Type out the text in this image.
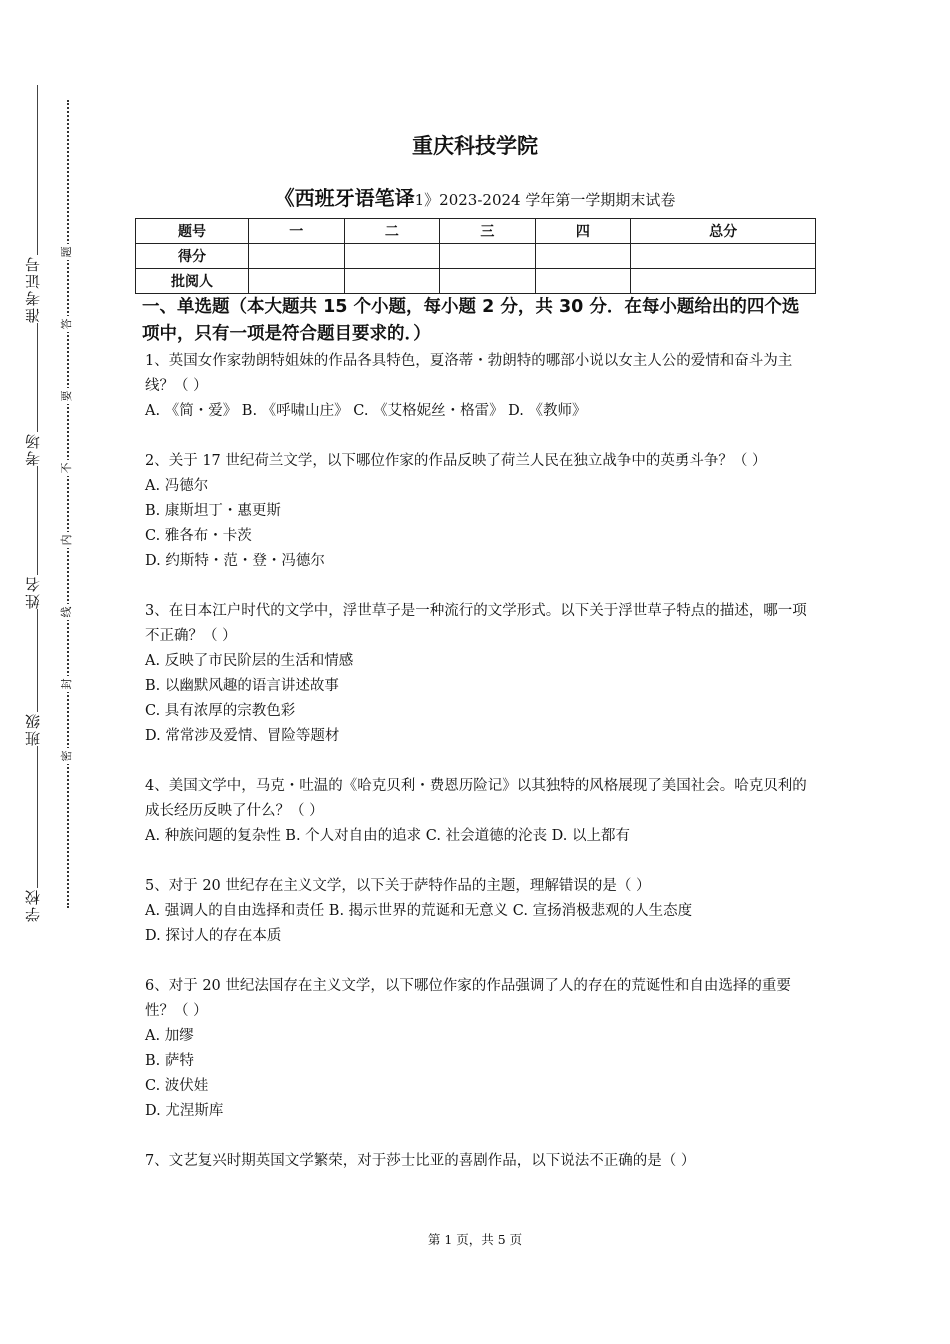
准考证号
考场
姓名
班级
学校
题
答
要
不
内
线
封
密
重庆科技学院
《西班牙语笔译1》2023-2024 学年第一学期期末试卷
题号	一	二	三	四	总分
得分					
批阅人					
一、单选题（本大题共 15 个小题，每小题 2 分，共 30 分．在每小题给出的四个选项中，只有一项是符合题目要求的．）
1、英国女作家勃朗特姐妹的作品各具特色，夏洛蒂・勃朗特的哪部小说以女主人公的爱情和奋斗为主线？（ ）
A. 《简・爱》 B. 《呼啸山庄》 C. 《艾格妮丝・格雷》 D. 《教师》
2、关于 17 世纪荷兰文学，以下哪位作家的作品反映了荷兰人民在独立战争中的英勇斗争？（ ）
A. 冯德尔
B. 康斯坦丁・惠更斯
C. 雅各布・卡茨
D. 约斯特・范・登・冯德尔
3、在日本江户时代的文学中，浮世草子是一种流行的文学形式。以下关于浮世草子特点的描述，哪一项不正确？（ ）
A. 反映了市民阶层的生活和情感
B. 以幽默风趣的语言讲述故事
C. 具有浓厚的宗教色彩
D. 常常涉及爱情、冒险等题材
4、美国文学中，马克・吐温的《哈克贝利・费恩历险记》以其独特的风格展现了美国社会。哈克贝利的成长经历反映了什么？（ ）
A. 种族问题的复杂性 B. 个人对自由的追求 C. 社会道德的沦丧 D. 以上都有
5、对于 20 世纪存在主义文学，以下关于萨特作品的主题，理解错误的是（ ）
A. 强调人的自由选择和责任 B. 揭示世界的荒诞和无意义 C. 宣扬消极悲观的人生态度
D. 探讨人的存在本质
6、对于 20 世纪法国存在主义文学，以下哪位作家的作品强调了人的存在的荒诞性和自由选择的重要性？（ ）
A. 加缪
B. 萨特
C. 波伏娃
D. 尤涅斯库
7、文艺复兴时期英国文学繁荣，对于莎士比亚的喜剧作品，以下说法不正确的是（ ）
第 1 页，共 5 页
